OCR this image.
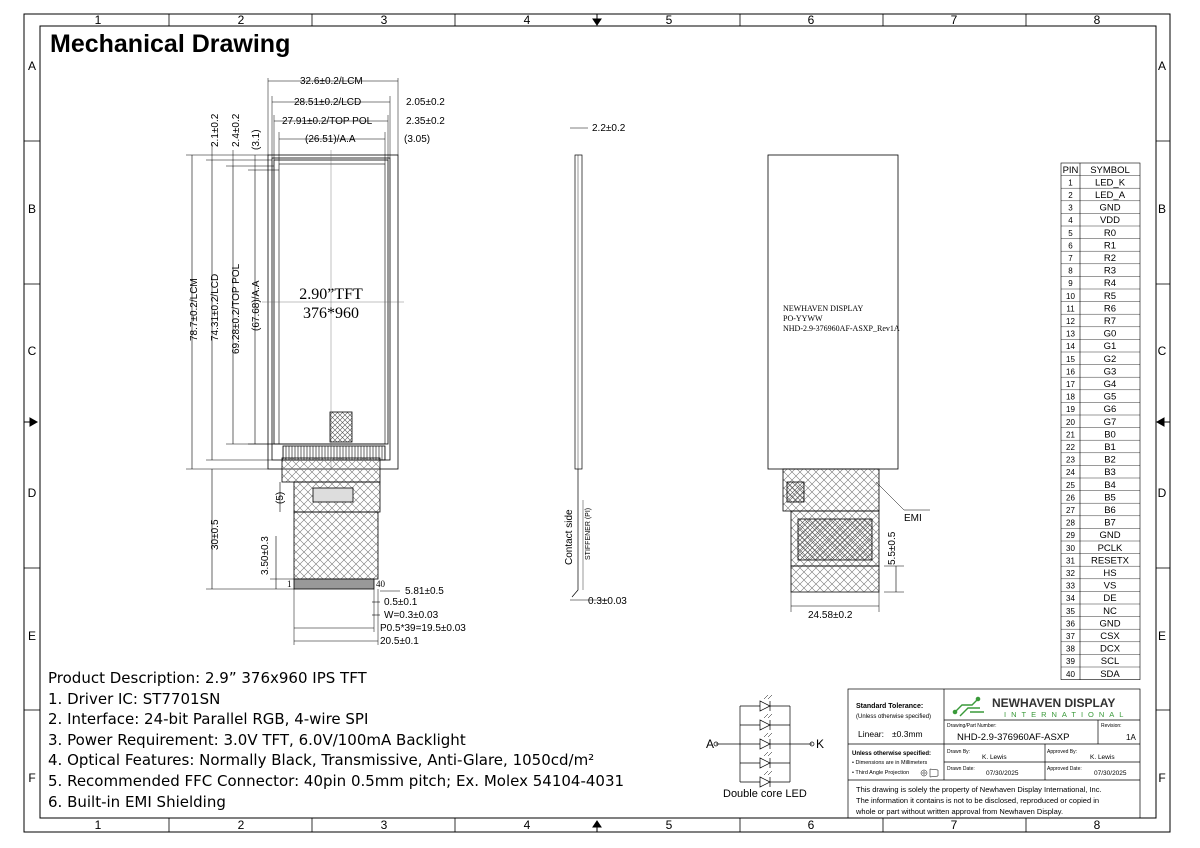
1	2	3	4	5	6	7	8
1	2	3	4	5	6	7	8
A
B
C
D
E
F
A
B
C
D
E
F
32.6±0.2/LCM
28.51±0.2/LCD	2.05±0.2
27.91±0.2/TOP POL	2.35±0.2
(26.51)/A.A	(3.05)
2.1±0.2 2.4±0.2 (3.1)
78.7±0.2/LCM 74.31±0.2/LCD 69.28±0.2/TOP POL (67.68)/A.A 2.90”TFT
376*960
(5)
30±0.5
3.50±0.3
1	40
5.81±0.5
0.5±0.1
W=0.3±0.03
P0.5*39=19.5±0.03
20.5±0.1
2.2±0.2
Contact side STIFFENER (PI)
0.3±0.03
NEWHAVEN DISPLAY
PO-YYWW
NHD-2.9-376960AF-ASXP_Rev1A
EMI
5.5±0.5
24.58±0.2
PIN SYMBOL
1 LED_K
2 LED_A
3	GND
4	VDD
5	R0
6	R1
7	R2
8	R3
9	R4
10	R5
11	R6
12	R7
13	G0
14	G1
15	G2
16	G3
17	G4
18	G5
19	G6
20	G7
21	B0
22	B1
23	B2
24	B3
25	B4
26	B5
27	B6
28	B7
29	GND
30 PCLK
31 RESETX
32	HS
33	VS
34	DE
35	NC
36	GND
37	CSX
38	DCX
39	SCL
40	SDA
A	K
Double core LED
Standard Tolerance:
(Unless otherwise specified)
Linear: ±0.3mm
Unless otherwise specified:
• Dimensions are in Millimeters
• Third Angle Projection
NEWHAVEN DISPLAY
INTERNATIONAL
Drawing/Part Number:
NHD-2.9-376960AF-ASXP
Revision:
1A
Drawn By:
K. Lewis
Approved By:
K. Lewis
Drawn Date:
07/30/2025
Approved Date:
07/30/2025
This drawing is solely the property of Newhaven Display International, Inc.
The information it contains is not to be disclosed, reproduced or copied in
whole or part without written approval from Newhaven Display.
Mechanical Drawing
Product Description: 2.9” 376x960 IPS TFT
1. Driver IC: ST7701SN
2. Interface: 24-bit Parallel RGB, 4-wire SPI
3. Power Requirement: 3.0V TFT, 6.0V/100mA Backlight
4. Optical Features: Normally Black, Transmissive, Anti-Glare, 1050cd/m²
5. Recommended FFC Connector: 40pin 0.5mm pitch; Ex. Molex 54104-4031
6. Built-in EMI Shielding
